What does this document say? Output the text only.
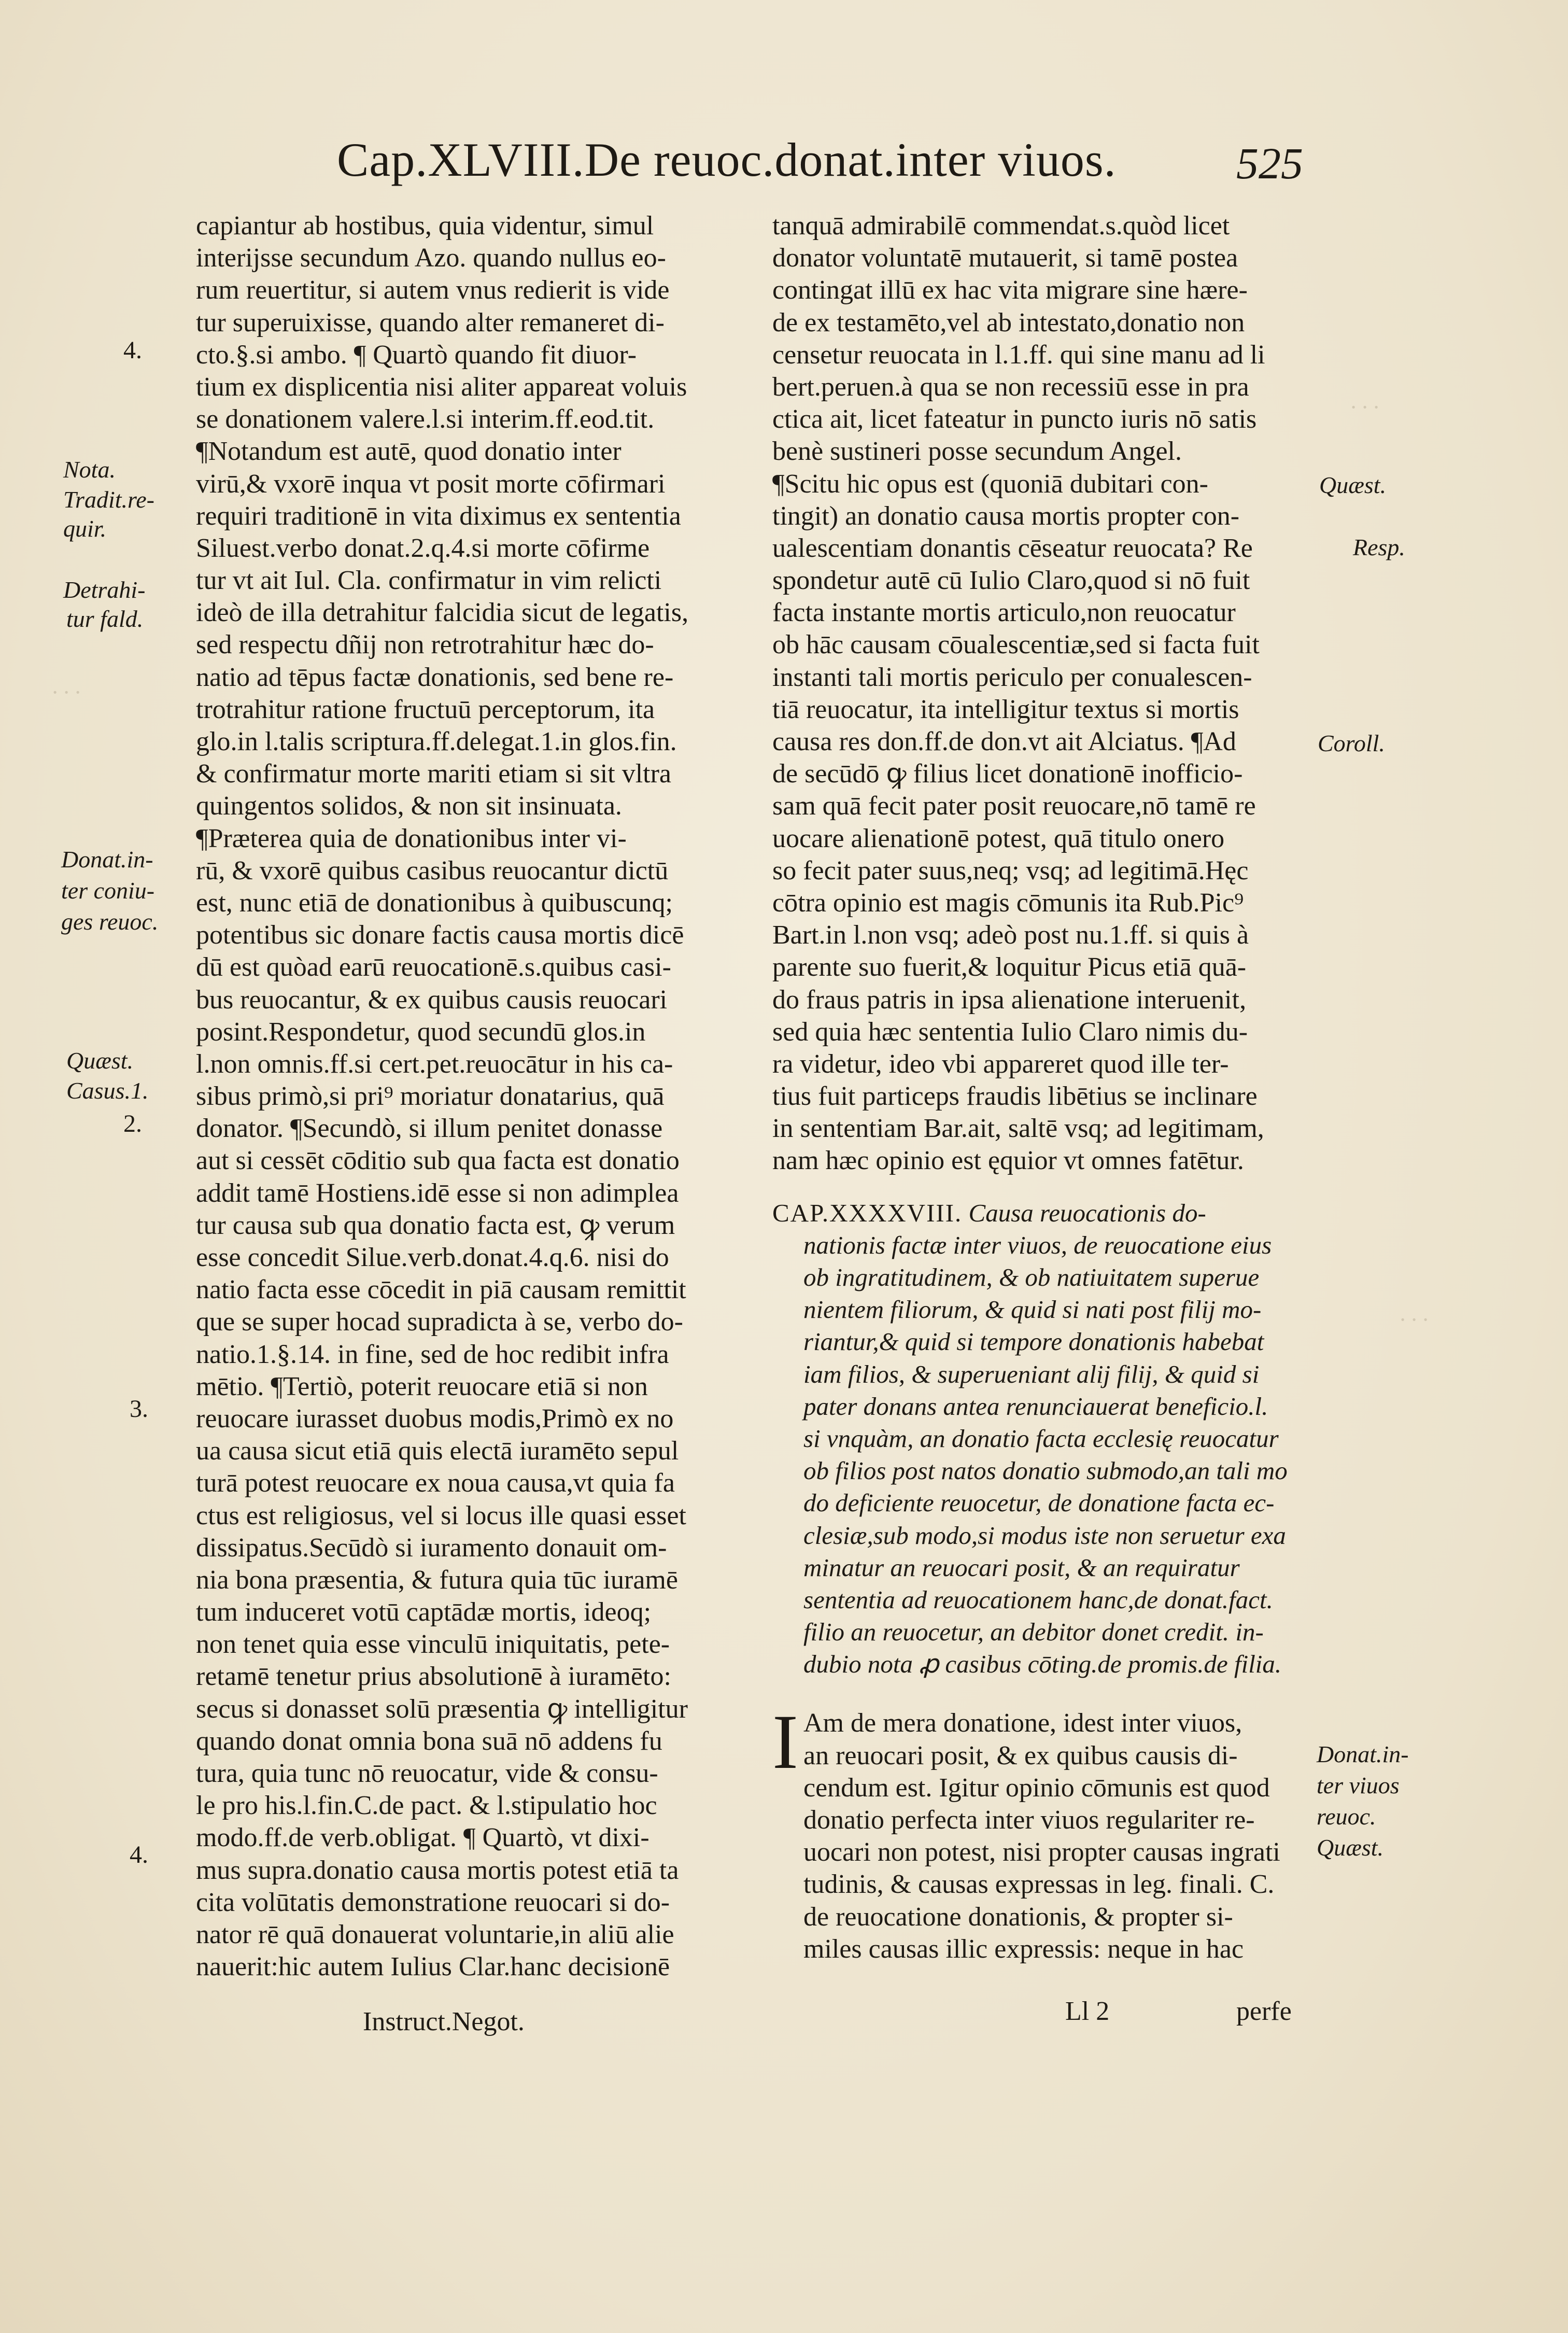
Cap.XLVIII.De reuoc.donat.inter viuos.	525
· · ·
· · ·
· · ·
Nota.
Tradit.re-
quir.
Detrahi-
tur fald.
Donat.in-
ter coniu-
ges reuoc.
Quæst.
Casus.1.
4.
2.
3.
4.
Quæst.
Resp.
Coroll.
Donat.in-
ter viuos
reuoc.
Quæst.
capiantur ab hostibus, quia videntur, simul
interijsse secundum Azo. quando nullus eo-
rum reuertitur, si autem vnus redierit is vide
tur superuixisse, quando alter remaneret di-
cto.§.si ambo. ¶ Quartò quando fit diuor-
tium ex displicentia nisi aliter appareat voluis
se donationem valere.l.si interim.ff.eod.tit.
¶Notandum est autē, quod donatio inter
virū,& vxorē inqua vt posit morte cōfirmari
requiri traditionē in vita diximus ex sententia
Siluest.verbo donat.2.q.4.si morte cōfirme
tur vt ait Iul. Cla. confirmatur in vim relicti
ideò de illa detrahitur falcidia sicut de legatis,
sed respectu dñij non retrotrahitur hæc do-
natio ad tēpus factæ donationis, sed bene re-
trotrahitur ratione fructuū perceptorum, ita
glo.in l.talis scriptura.ff.delegat.1.in glos.fin.
& confirmatur morte mariti etiam si sit vltra
quingentos solidos, & non sit insinuata.
¶Præterea quia de donationibus inter vi-
rū, & vxorē quibus casibus reuocantur dictū
est, nunc etiā de donationibus à quibuscunq;
potentibus sic donare factis causa mortis dicē
dū est quòad earū reuocationē.s.quibus casi-
bus reuocantur, & ex quibus causis reuocari
posint.Respondetur, quod secundū glos.in
l.non omnis.ff.si cert.pet.reuocātur in his ca-
sibus primò,si pri⁹ moriatur donatarius, quā
donator. ¶Secundò, si illum penitet donasse
aut si cessēt cōditio sub qua facta est donatio
addit tamē Hostiens.idē esse si non adimplea
tur causa sub qua donatio facta est, ꝙ verum
esse concedit Silue.verb.donat.4.q.6. nisi do
natio facta esse cōcedit in piā causam remittit
que se super hocad supradicta à se, verbo do-
natio.1.§.14. in fine, sed de hoc redibit infra
mētio. ¶Tertiò, poterit reuocare etiā si non
reuocare iurasset duobus modis,Primò ex no
ua causa sicut etiā quis electā iuramēto sepul
turā potest reuocare ex noua causa,vt quia fa
ctus est religiosus, vel si locus ille quasi esset
dissipatus.Secūdò si iuramento donauit om-
nia bona præsentia, & futura quia tūc iuramē
tum induceret votū captādæ mortis, ideoq;
non tenet quia esse vinculū iniquitatis, pete-
retamē tenetur prius absolutionē à iuramēto:
secus si donasset solū præsentia ꝙ intelligitur
quando donat omnia bona suā nō addens fu
tura, quia tunc nō reuocatur, vide & consu-
le pro his.l.fin.C.de pact. & l.stipulatio hoc
modo.ff.de verb.obligat. ¶ Quartò, vt dixi-
mus supra.donatio causa mortis potest etiā ta
cita volūtatis demonstratione reuocari si do-
nator rē quā donauerat voluntarie,in aliū alie
nauerit:hic autem Iulius Clar.hanc decisionē
tanquā admirabilē commendat.s.quòd licet
donator voluntatē mutauerit, si tamē postea
contingat illū ex hac vita migrare sine hære-
de ex testamēto,vel ab intestato,donatio non
censetur reuocata in l.1.ff. qui sine manu ad li
bert.peruen.à qua se non recessiū esse in pra
ctica ait, licet fateatur in puncto iuris nō satis
benè sustineri posse secundum Angel.
¶Scitu hic opus est (quoniā dubitari con-
tingit) an donatio causa mortis propter con-
ualescentiam donantis cēseatur reuocata? Re
spondetur autē cū Iulio Claro,quod si nō fuit
facta instante mortis articulo,non reuocatur
ob hāc causam cōualescentiæ,sed si facta fuit
instanti tali mortis periculo per conualescen-
tiā reuocatur, ita intelligitur textus si mortis
causa res don.ff.de don.vt ait Alciatus. ¶Ad
de secūdō ꝙ filius licet donationē inofficio-
sam quā fecit pater posit reuocare,nō tamē re
uocare alienationē potest, quā titulo onero
so fecit pater suus,neq; vsq; ad legitimā.Hęc
cōtra opinio est magis cōmunis ita Rub.Pic⁹
Bart.in l.non vsq; adeò post nu.1.ff. si quis à
parente suo fuerit,& loquitur Picus etiā quā-
do fraus patris in ipsa alienatione interuenit,
sed quia hæc sententia Iulio Claro nimis du-
ra videtur, ideo vbi appareret quod ille ter-
tius fuit particeps fraudis libētius se inclinare
in sententiam Bar.ait, saltē vsq; ad legitimam,
nam hæc opinio est ęquior vt omnes fatētur.
CAP.XXXXVIII. Causa reuocationis do-
nationis factæ inter viuos, de reuocatione eius
ob ingratitudinem, & ob natiuitatem superue
nientem filiorum, & quid si nati post filij mo-
riantur,& quid si tempore donationis habebat
iam filios, & superueniant alij filij, & quid si
pater donans antea renunciauerat beneficio.l.
si vnquàm, an donatio facta ecclesię reuocatur
ob filios post natos donatio submodo,an tali mo
do deficiente reuocetur, de donatione facta ec-
clesiæ,sub modo,si modus iste non seruetur exa
minatur an reuocari posit, & an requiratur
sententia ad reuocationem hanc,de donat.fact.
filio an reuocetur, an debitor donet credit. in-
dubio nota ꝓ casibus cōting.de promis.de filia.
I Am de mera donatione, idest inter viuos,
an reuocari posit, & ex quibus causis di-
cendum est. Igitur opinio cōmunis est quod
donatio perfecta inter viuos regulariter re-
uocari non potest, nisi propter causas ingrati
tudinis, & causas expressas in leg. finali. C.
de reuocatione donationis, & propter si-
miles causas illic expressis: neque in hac
Instruct.Negot.	Ll 2	perfe
